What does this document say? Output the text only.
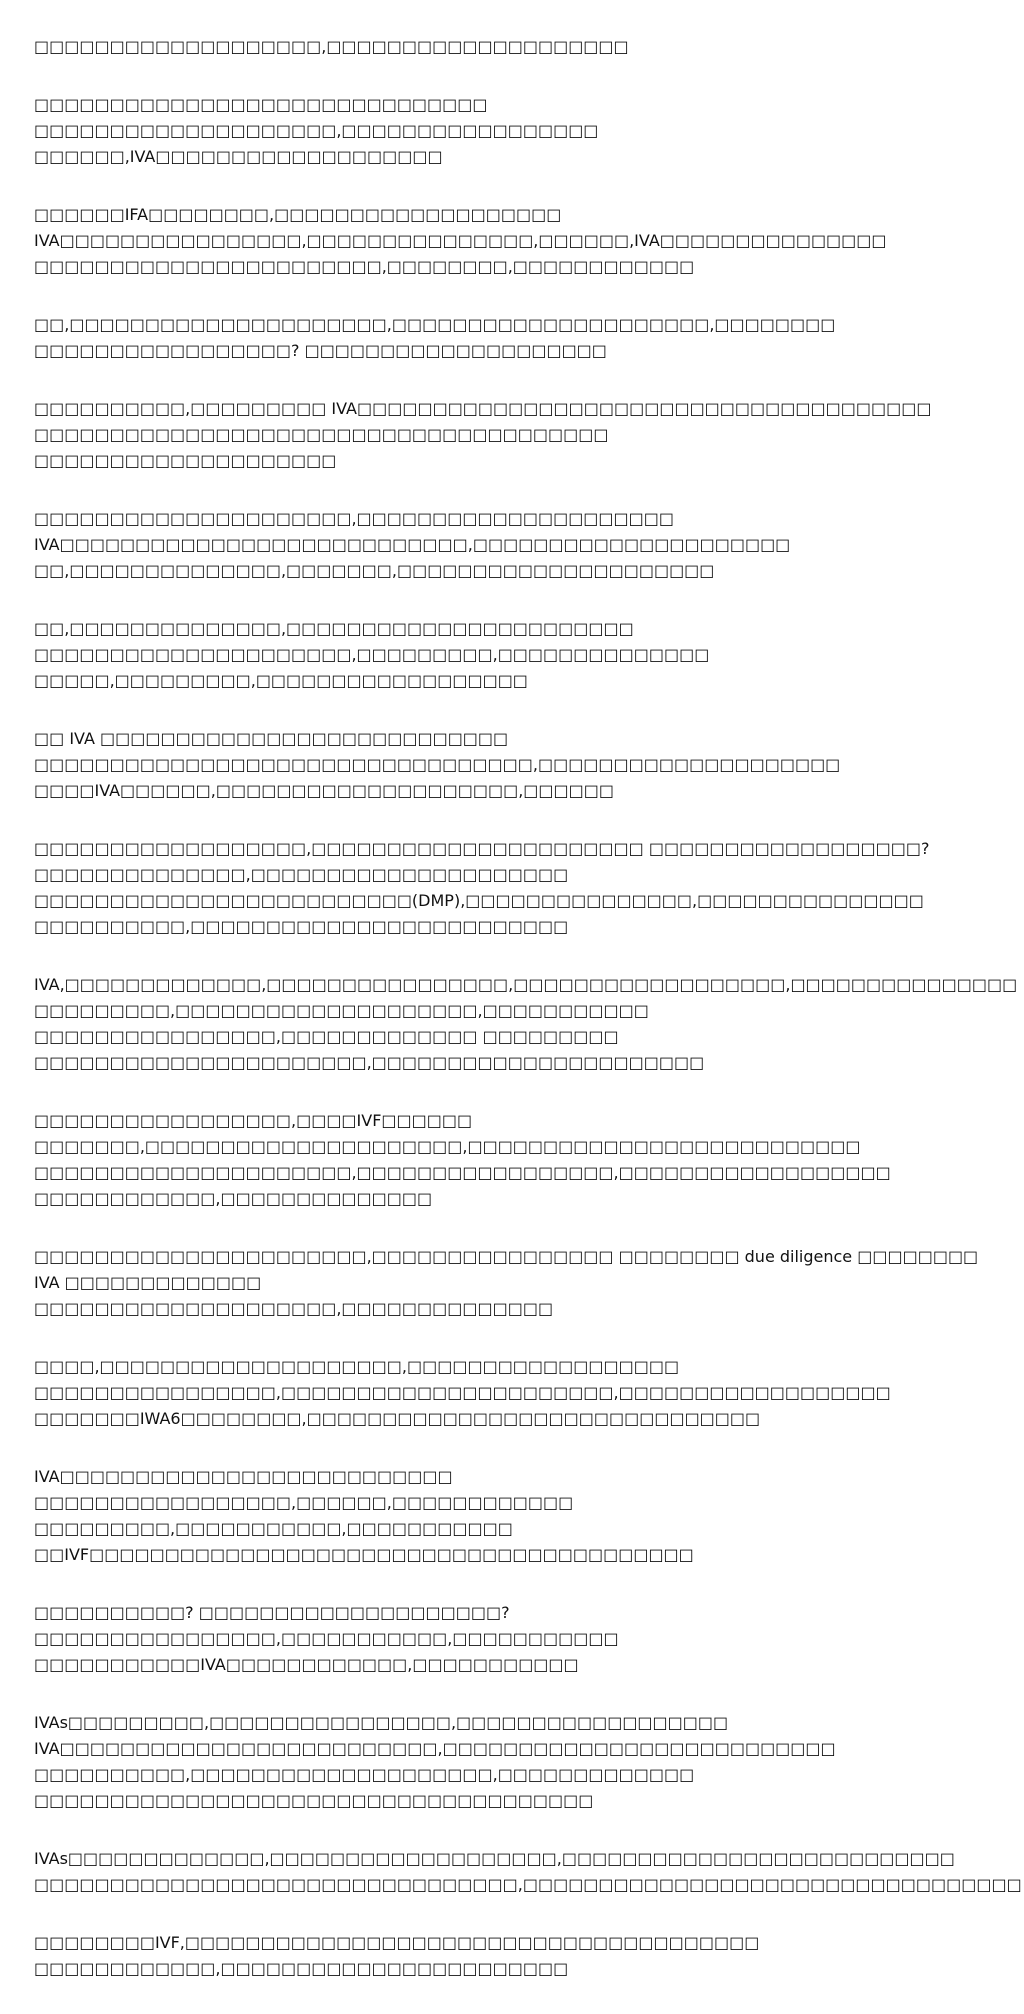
□□□□□□□□□□□□□□□□□□□,□□□□□□□□□□□□□□□□□□□□

□□□□□□□□□□□□□□□□□□□□□□□□□□□□□□ □□□□□□□□□□□□□□□□□□□□,□□□□□□□□□□□□□□□□□
□□□□□□,IVA□□□□□□□□□□□□□□□□□□□

□□□□□□IFA□□□□□□□□,□□□□□□□□□□□□□□□□□□□ IVA□□□□□□□□□□□□□□□□,□□□□□□□□□□□□□□□,□□□□□□,IVA□□□□□□□□□□□□□□□
□□□□□□□□□□□□□□□□□□□□□□□,□□□□□□□□,□□□□□□□□□□□□

□□,□□□□□□□□□□□□□□□□□□□□□,□□□□□□□□□□□□□□□□□□□□□,□□□□□□□□ □□□□□□□□□□□□□□□□□? □□□□□□□□□□□□□□□□□□□□

□□□□□□□□□□,□□□□□□□□□ IVA□□□□□□□□□□□□□□□□□□□□□□□□□□□□□□□□□□□□□□ □□□□□□□□□□□□□□□□□□□□□□□□□□□□□□□□□□□□□□
□□□□□□□□□□□□□□□□□□□□

□□□□□□□□□□□□□□□□□□□□□,□□□□□□□□□□□□□□□□□□□□□ IVA□□□□□□□□□□□□□□□□□□□□□□□□□□□,□□□□□□□□□□□□□□□□□□□□□
□□,□□□□□□□□□□□□□□,□□□□□□□,□□□□□□□□□□□□□□□□□□□□□

□□,□□□□□□□□□□□□□□,□□□□□□□□□□□□□□□□□□□□□□□ □□□□□□□□□□□□□□□□□□□□□,□□□□□□□□□,□□□□□□□□□□□□□□
□□□□□,□□□□□□□□□,□□□□□□□□□□□□□□□□□□

□□ IVA □□□□□□□□□□□□□□□□□□□□□□□□□□□ □□□□□□□□□□□□□□□□□□□□□□□□□□□□□□□□□,□□□□□□□□□□□□□□□□□□□□
□□□□IVA□□□□□□,□□□□□□□□□□□□□□□□□□□□,□□□□□□

□□□□□□□□□□□□□□□□□□,□□□□□□□□□□□□□□□□□□□□□□ □□□□□□□□□□□□□□□□□□? □□□□□□□□□□□□□□,□□□□□□□□□□□□□□□□□□□□□
□□□□□□□□□□□□□□□□□□□□□□□□□(DMP),□□□□□□□□□□□□□□□,□□□□□□□□□□□□□□□ □□□□□□□□□□,□□□□□□□□□□□□□□□□□□□□□□□□□

IVA,□□□□□□□□□□□□□,□□□□□□□□□□□□□□□□,□□□□□□□□□□□□□□□□□□,□□□□□□□□□□□□□□□
□□□□□□□□□,□□□□□□□□□□□□□□□□□□□□,□□□□□□□□□□□ □□□□□□□□□□□□□□□□,□□□□□□□□□□□□□ □□□□□□□□□
□□□□□□□□□□□□□□□□□□□□□□,□□□□□□□□□□□□□□□□□□□□□□

□□□□□□□□□□□□□□□□□,□□□□IVF□□□□□□ □□□□□□□,□□□□□□□□□□□□□□□□□□□□□,□□□□□□□□□□□□□□□□□□□□□□□□□□
□□□□□□□□□□□□□□□□□□□□□,□□□□□□□□□□□□□□□□□,□□□□□□□□□□□□□□□□□□ □□□□□□□□□□□□,□□□□□□□□□□□□□□

□□□□□□□□□□□□□□□□□□□□□□,□□□□□□□□□□□□□□□□ □□□□□□□□ due diligence □□□□□□□□ IVA □□□□□□□□□□□□□
□□□□□□□□□□□□□□□□□□□□,□□□□□□□□□□□□□□

□□□□,□□□□□□□□□□□□□□□□□□□□,□□□□□□□□□□□□□□□□□□ □□□□□□□□□□□□□□□□,□□□□□□□□□□□□□□□□□□□□□□,□□□□□□□□□□□□□□□□□□
□□□□□□□IWA6□□□□□□□□,□□□□□□□□□□□□□□□□□□□□□□□□□□□□□□

IVA□□□□□□□□□□□□□□□□□□□□□□□□□□ □□□□□□□□□□□□□□□□□,□□□□□□,□□□□□□□□□□□□ □□□□□□□□□,□□□□□□□□□□□,□□□□□□□□□□□
□□IVF□□□□□□□□□□□□□□□□□□□□□□□□□□□□□□□□□□□□□□□□

□□□□□□□□□□? □□□□□□□□□□□□□□□□□□□□? □□□□□□□□□□□□□□□□,□□□□□□□□□□□,□□□□□□□□□□□
□□□□□□□□□□□IVA□□□□□□□□□□□□,□□□□□□□□□□□

IVAs□□□□□□□□□,□□□□□□□□□□□□□□□□,□□□□□□□□□□□□□□□□□□ IVA□□□□□□□□□□□□□□□□□□□□□□□□□,□□□□□□□□□□□□□□□□□□□□□□□□□□
□□□□□□□□□□,□□□□□□□□□□□□□□□□□□□□,□□□□□□□□□□□□□ □□□□□□□□□□□□□□□□□□□□□□□□□□□□□□□□□□□□□

IVAs□□□□□□□□□□□□□,□□□□□□□□□□□□□□□□□□□,□□□□□□□□□□□□□□□□□□□□□□□□□□
□□□□□□□□□□□□□□□□□□□□□□□□□□□□□□□□,□□□□□□□□□□□□□□□□□□□□□□□□□□□□□□□□□

□□□□□□□□IVF,□□□□□□□□□□□□□□□□□□□□□□□□□□□□□□□□□□□□□□ □□□□□□□□□□□□,□□□□□□□□□□□□□□□□□□□□□□□
